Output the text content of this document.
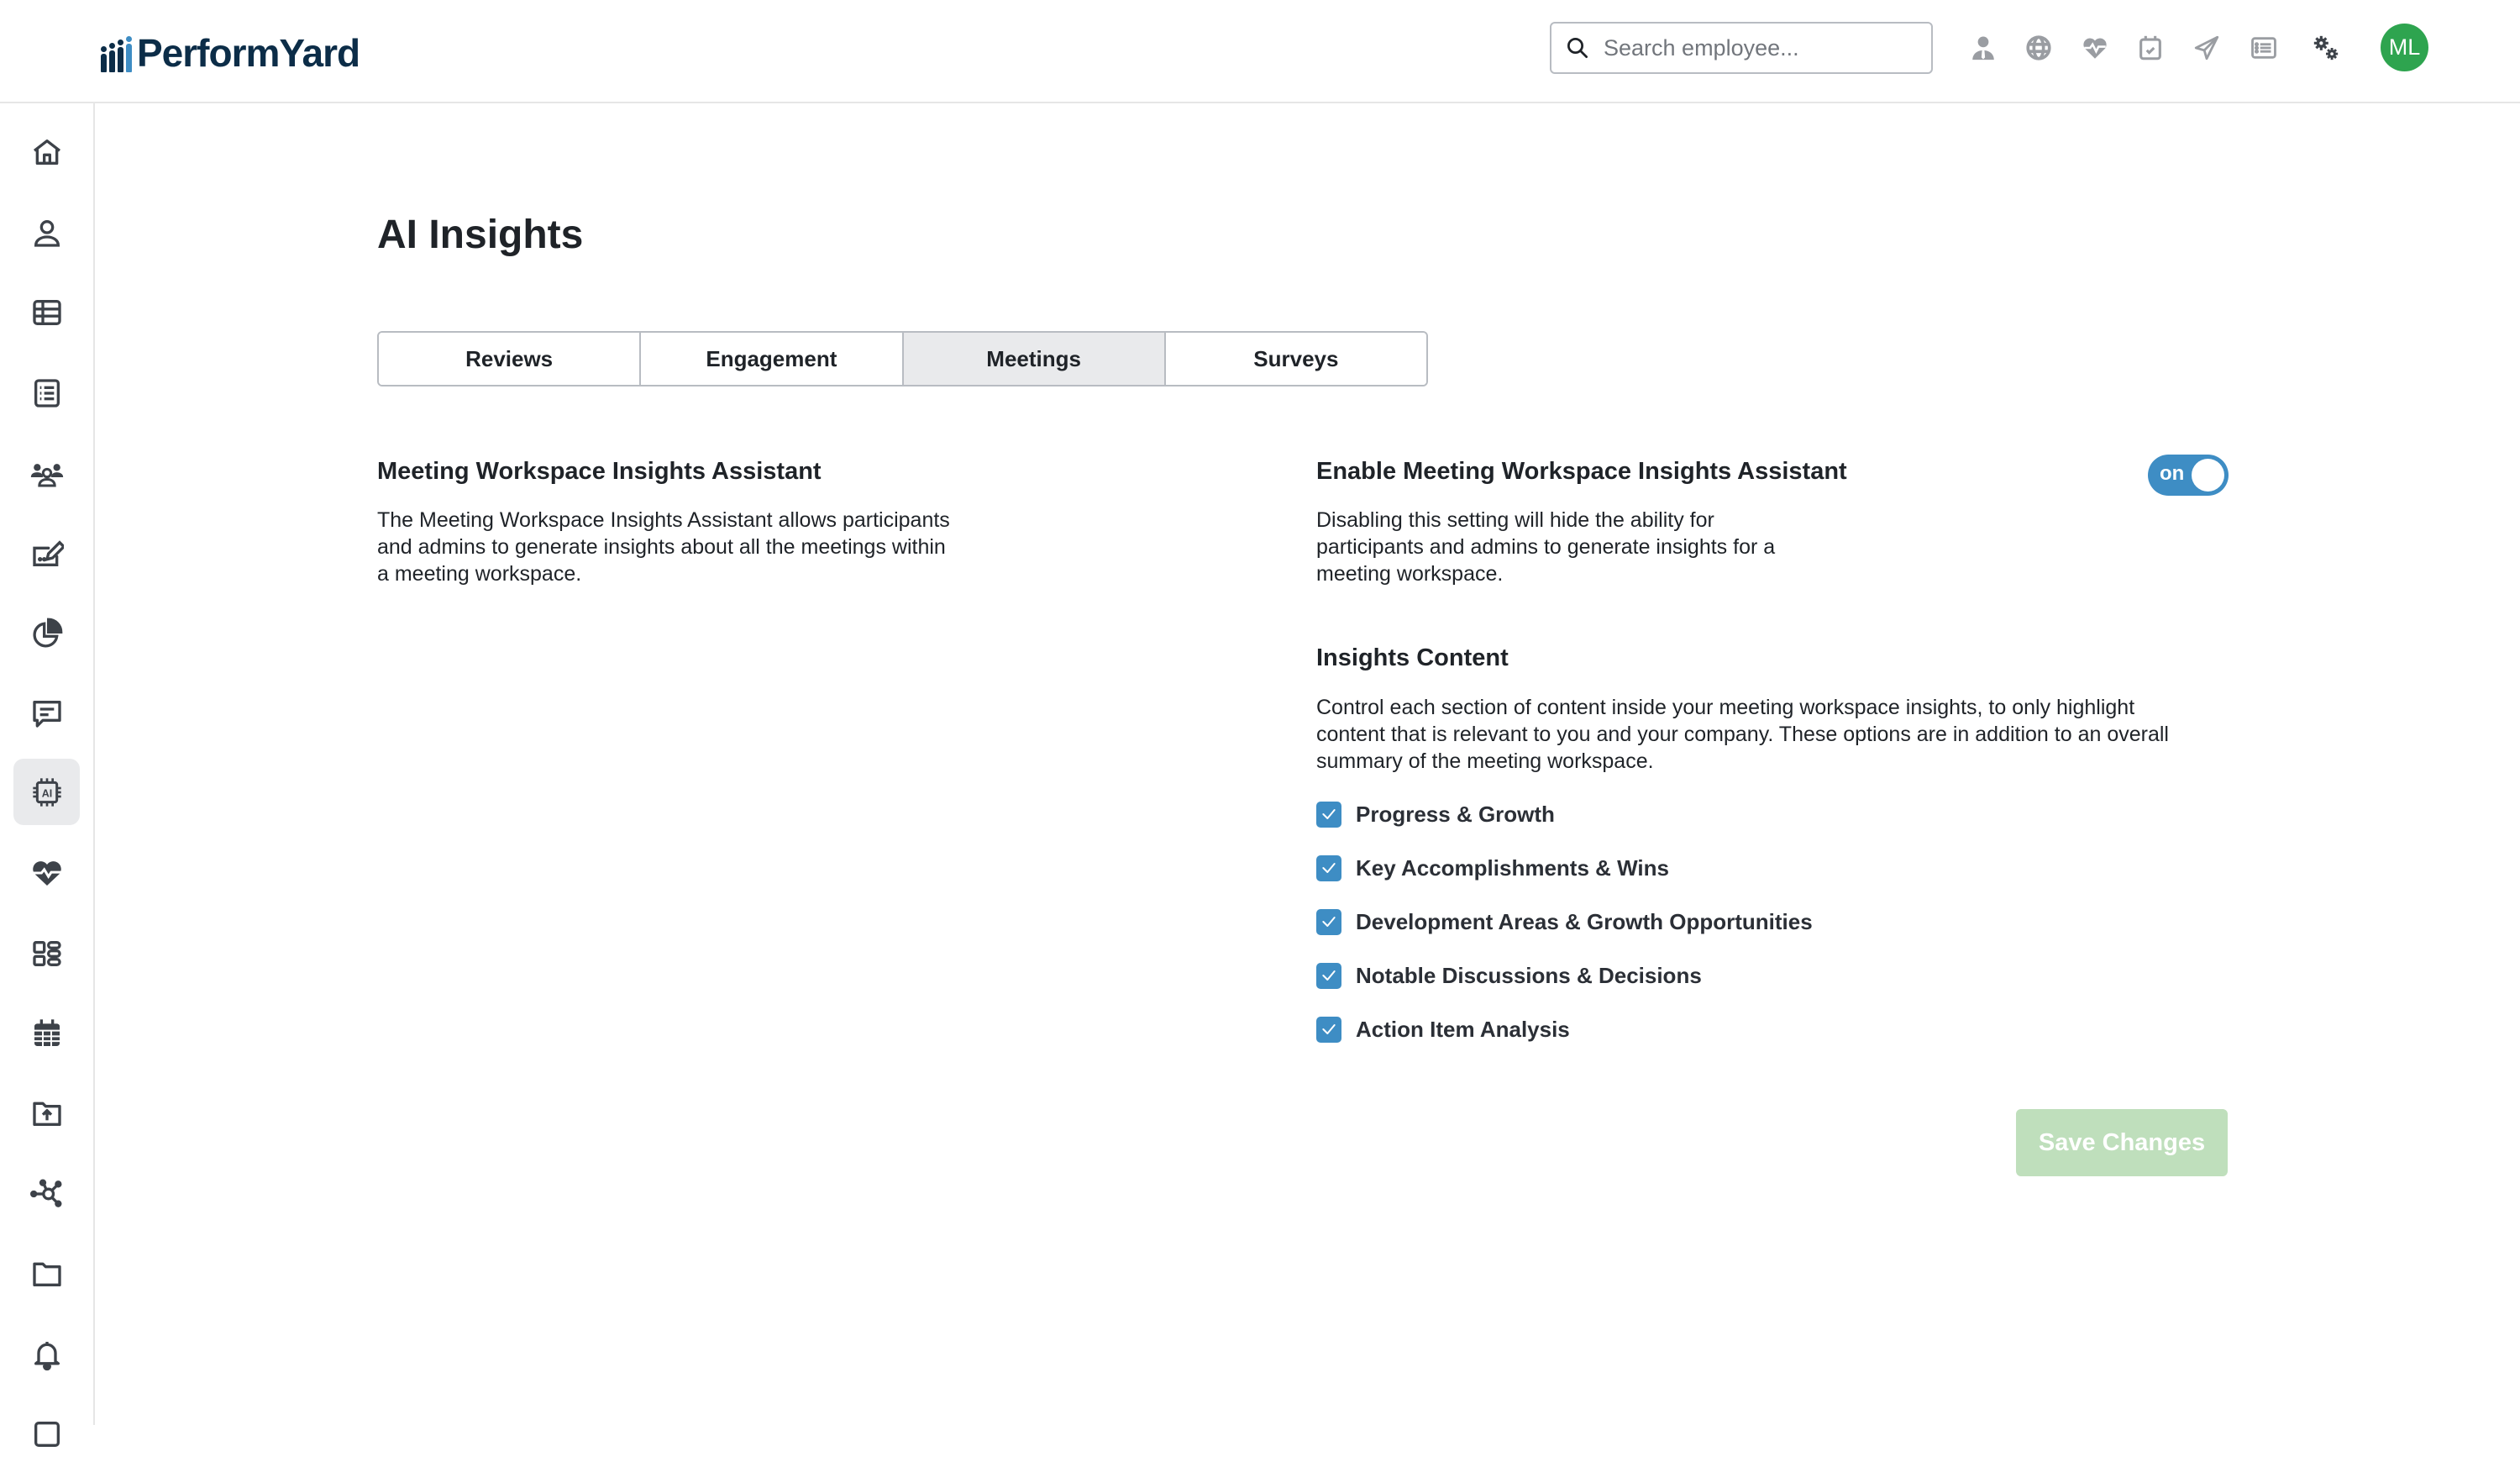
PerformYard
Search employee...	ML
AI
AI Insights
Reviews	Engagement	Meetings	Surveys
Meeting Workspace Insights Assistant

The Meeting Workspace Insights Assistant allows participants
and admins to generate insights about all the meetings within
a meeting workspace.

Enable Meeting Workspace Insights Assistant	on

Disabling this setting will hide the ability for
participants and admins to generate insights for a
meeting workspace.

Insights Content

Control each section of content inside your meeting workspace insights, to only highlight
content that is relevant to you and your company. These options are in addition to an overall
summary of the meeting workspace.

Progress & Growth
Key Accomplishments & Wins
Development Areas & Growth Opportunities
Notable Discussions & Decisions
Action Item Analysis
Save Changes
